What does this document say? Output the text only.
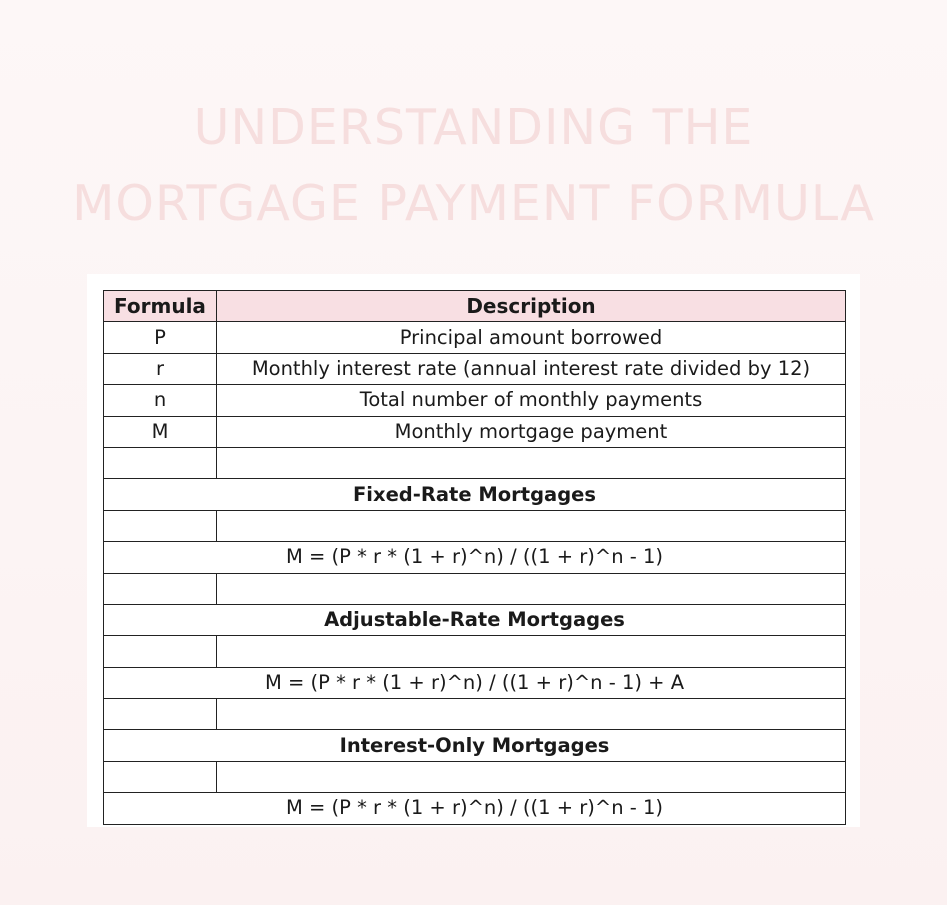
UNDERSTANDING THE
MORTGAGE PAYMENT FORMULA
Formula	Description
P	Principal amount borrowed
r	Monthly interest rate (annual interest rate divided by 12)
n	Total number of monthly payments
M	Monthly mortgage payment

Fixed-Rate Mortgages	

M = (P * r * (1 + r)^n) / ((1 + r)^n - 1)	

Adjustable-Rate Mortgages	

M = (P * r * (1 + r)^n) / ((1 + r)^n - 1) + A	

Interest-Only Mortgages	

M = (P * r * (1 + r)^n) / ((1 + r)^n - 1)	
